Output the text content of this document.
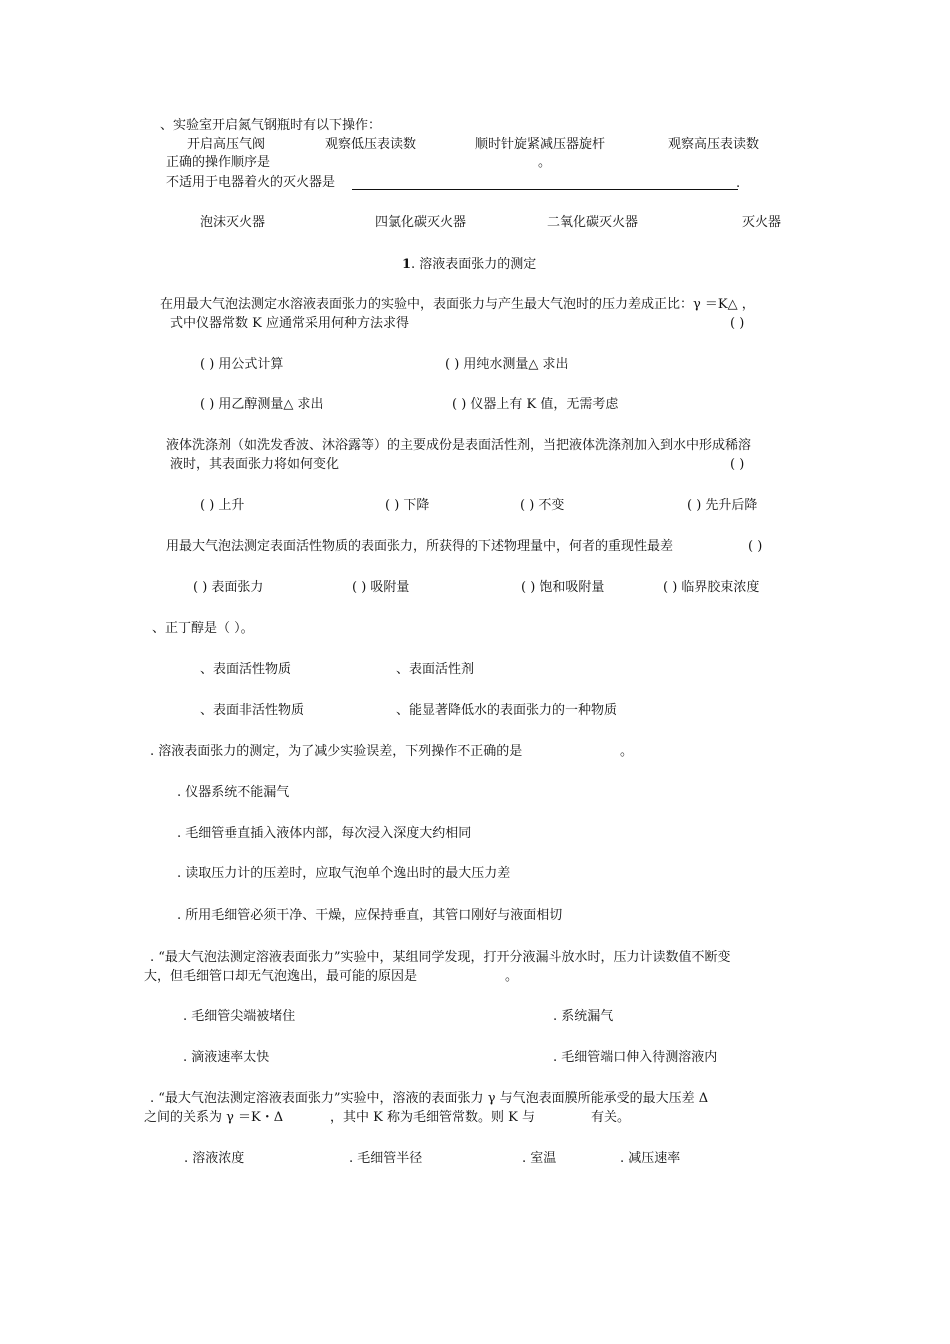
、实验室开启氮气钢瓶时有以下操作：
开启高压气阀	观察低压表读数	顺时针旋紧减压器旋杆	观察高压表读数
正确的操作顺序是	。
不适用于电器着火的灭火器是	.
泡沫灭火器	四氯化碳灭火器	二氧化碳灭火器	灭火器
1. 溶液表面张力的测定
在用最大气泡法测定水溶液表面张力的实验中，表面张力与产生最大气泡时的压力差成正比：γ ＝K△ ，
式中仪器常数 K 应通常采用何种方法求得	( )
( ) 用公式计算	( ) 用纯水测量△ 求出
( ) 用乙醇测量△ 求出	( ) 仪器上有 K 值，无需考虑
液体洗涤剂（如洗发香波、沐浴露等）的主要成份是表面活性剂，当把液体洗涤剂加入到水中形成稀溶
液时，其表面张力将如何变化	( )
( ) 上升	( ) 下降	( ) 不变	( ) 先升后降
用最大气泡法测定表面活性物质的表面张力，所获得的下述物理量中，何者的重现性最差	( )
( ) 表面张力	( ) 吸附量	( ) 饱和吸附量	( ) 临界胶束浓度
、正丁醇是（ ）。
、表面活性物质	、表面活性剂
、表面非活性物质	、能显著降低水的表面张力的一种物质
. 溶液表面张力的测定，为了减少实验误差，下列操作不正确的是	。
. 仪器系统不能漏气
. 毛细管垂直插入液体内部，每次浸入深度大约相同
. 读取压力计的压差时，应取气泡单个逸出时的最大压力差
. 所用毛细管必须干净、干燥，应保持垂直，其管口刚好与液面相切
. “最大气泡法测定溶液表面张力”实验中，某组同学发现，打开分液漏斗放水时，压力计读数值不断变
大，但毛细管口却无气泡逸出，最可能的原因是	。
. 毛细管尖端被堵住	. 系统漏气
. 滴液速率太快	. 毛细管端口伸入待测溶液内
. “最大气泡法测定溶液表面张力”实验中，溶液的表面张力 γ 与气泡表面膜所能承受的最大压差 Δ
之间的关系为 γ ＝K・Δ	，其中 K 称为毛细管常数。则 K 与	有关。
. 溶液浓度	. 毛细管半径	. 室温	. 减压速率
